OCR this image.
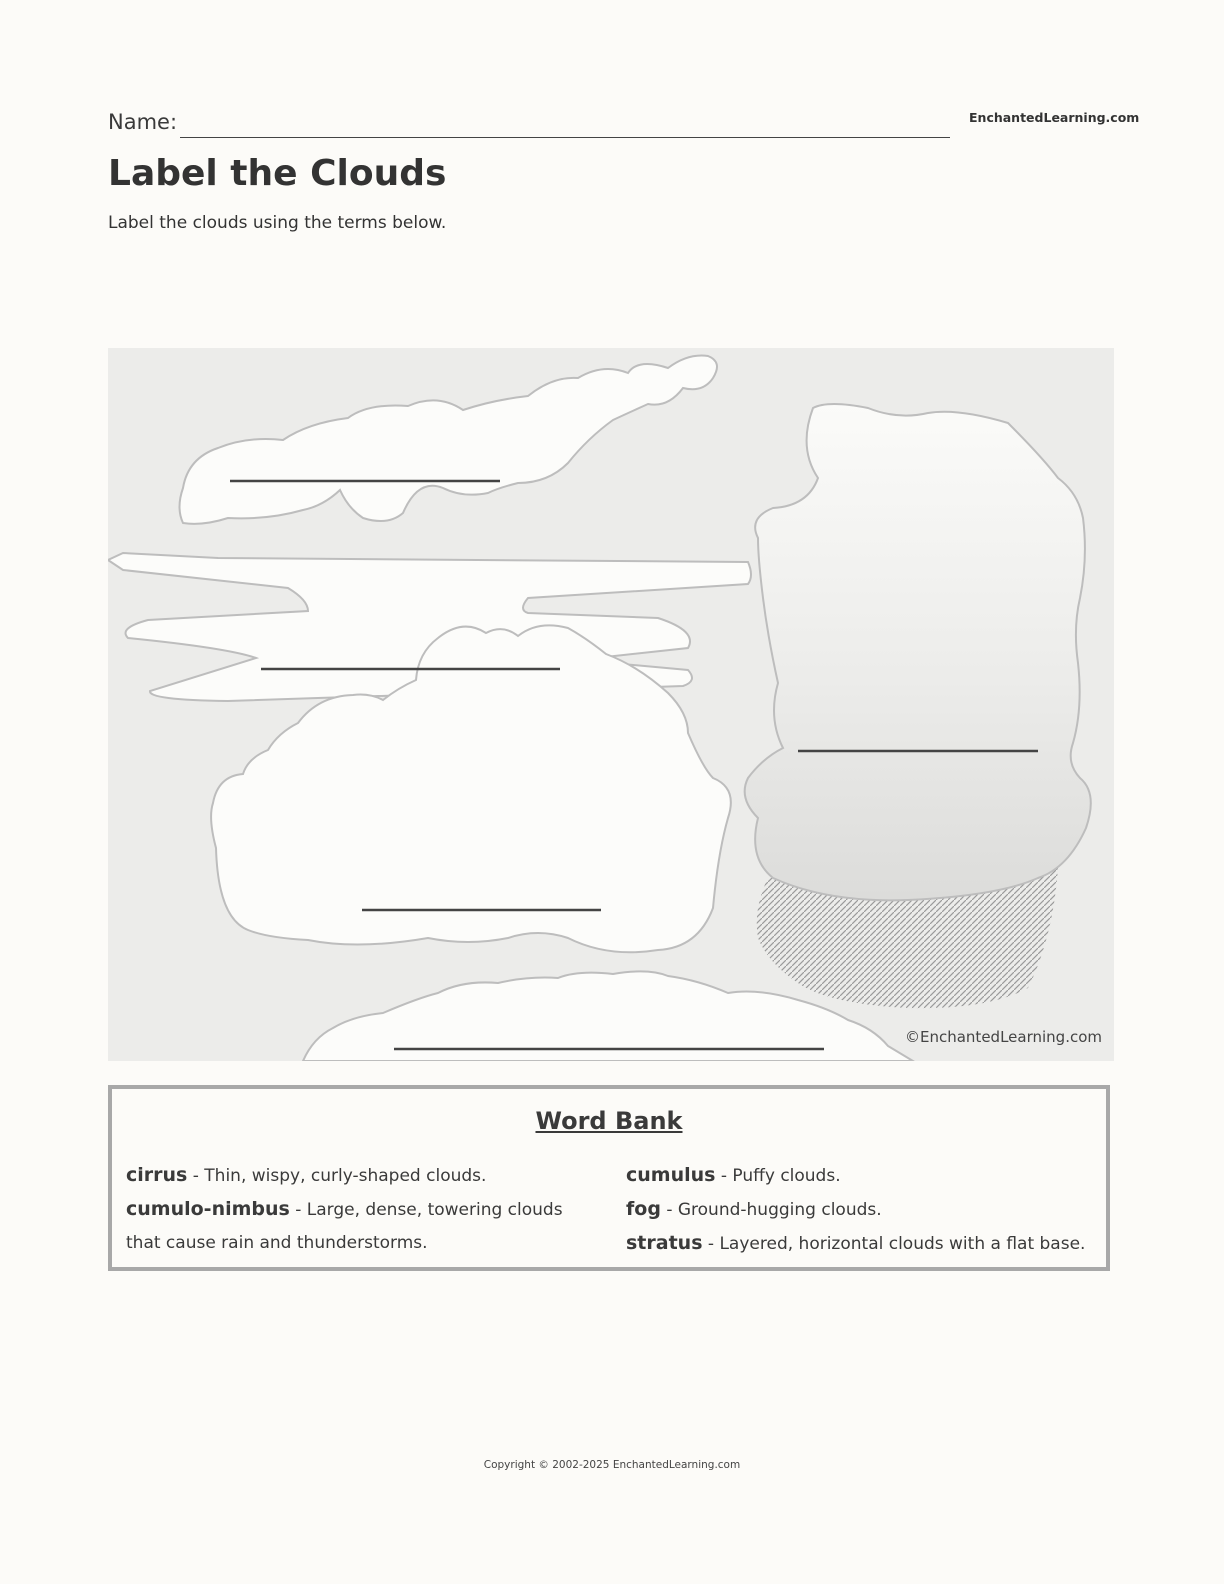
Name:	EnchantedLearning.com
Label the Clouds
Label the clouds using the terms below.
©EnchantedLearning.com
Word Bank

cirrus - Thin, wispy, curly-shaped clouds.

cumulo-nimbus - Large, dense, towering clouds that cause rain and thunderstorms.

cumulus - Puffy clouds.

fog - Ground-hugging clouds.

stratus - Layered, horizontal clouds with a flat base.

Copyright © 2002-2025 EnchantedLearning.com
